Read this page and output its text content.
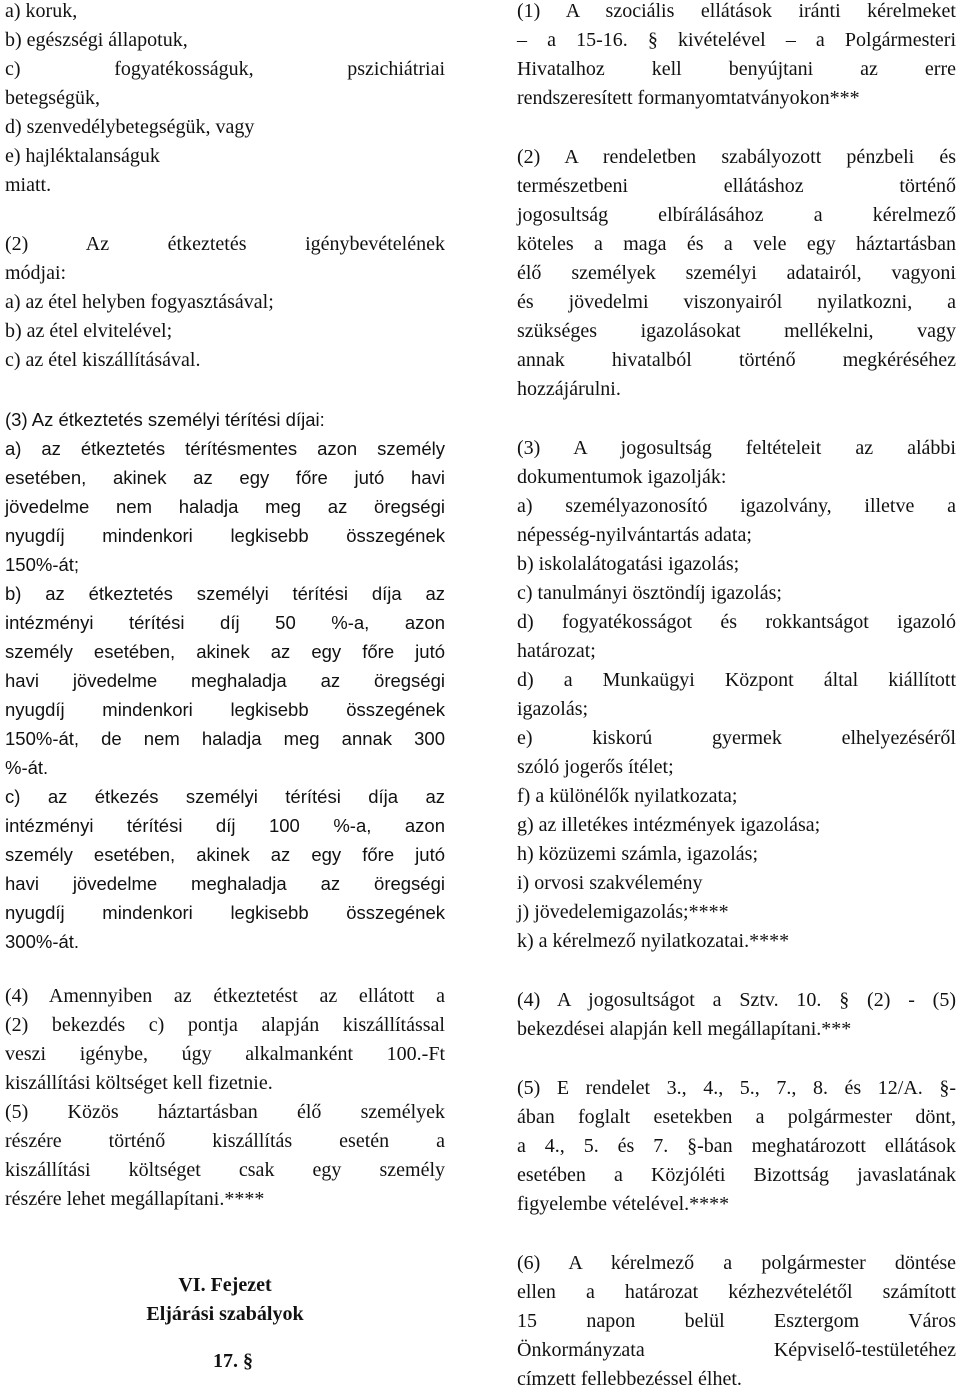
a) koruk,
b) egészségi állapotuk,
c) fogyatékosságuk, pszichiátriai
betegségük,
d) szenvedélybetegségük, vagy
e) hajléktalanságuk
miatt.
(2) Az étkeztetés igénybevételének
módjai:
a) az étel helyben fogyasztásával;
b) az étel elvitelével;
c) az étel kiszállításával.
(3) Az étkeztetés személyi térítési díjai:
a) az étkeztetés térítésmentes azon személy
esetében, akinek az egy főre jutó havi
jövedelme nem haladja meg az öregségi
nyugdíj mindenkori legkisebb összegének
150%-át;
b) az étkeztetés személyi térítési díja az
intézményi térítési díj 50 %-a, azon
személy esetében, akinek az egy főre jutó
havi jövedelme meghaladja az öregségi
nyugdíj mindenkori legkisebb összegének
150%-át, de nem haladja meg annak 300
%-át.
c) az étkezés személyi térítési díja az
intézményi térítési díj 100 %-a, azon
személy esetében, akinek az egy főre jutó
havi jövedelme meghaladja az öregségi
nyugdíj mindenkori legkisebb összegének
300%-át.
(4) Amennyiben az étkeztetést az ellátott a
(2) bekezdés c) pontja alapján kiszállítással
veszi igénybe, úgy alkalmanként 100.-Ft
kiszállítási költséget kell fizetnie.
(5) Közös háztartásban élő személyek
részére történő kiszállítás esetén a
kiszállítási költséget csak egy személy
részére lehet megállapítani.****
VI. Fejezet
Eljárási szabályok
17. §
(1) A szociális ellátások iránti kérelmeket
– a 15-16. § kivételével – a Polgármesteri
Hivatalhoz kell benyújtani az erre
rendszeresített formanyomtatványokon***
(2) A rendeletben szabályozott pénzbeli és
természetbeni ellátáshoz történő
jogosultság elbírálásához a kérelmező
köteles a maga és a vele egy háztartásban
élő személyek személyi adatairól, vagyoni
és jövedelmi viszonyairól nyilatkozni, a
szükséges igazolásokat mellékelni, vagy
annak hivatalból történő megkéréséhez
hozzájárulni.
(3) A jogosultság feltételeit az alábbi
dokumentumok igazolják:
a) személyazonosító igazolvány, illetve a
népesség-nyilvántartás adata;
b) iskolalátogatási igazolás;
c) tanulmányi ösztöndíj igazolás;
d) fogyatékosságot és rokkantságot igazoló
határozat;
d) a Munkaügyi Központ által kiállított
igazolás;
e) kiskorú gyermek elhelyezéséről
szóló jogerős ítélet;
f) a különélők nyilatkozata;
g) az illetékes intézmények igazolása;
h) közüzemi számla, igazolás;
i) orvosi szakvélemény
j) jövedelemigazolás;****
k) a kérelmező nyilatkozatai.****
(4) A jogosultságot a Sztv. 10. § (2) - (5)
bekezdései alapján kell megállapítani.***
(5) E rendelet 3., 4., 5., 7., 8. és 12/A. §-
ában foglalt esetekben a polgármester dönt,
a 4., 5. és 7. §-ban meghatározott ellátások
esetében a Közjóléti Bizottság javaslatának
figyelembe vételével.****
(6) A kérelmező a polgármester döntése
ellen a határozat kézhezvételétől számított
15 napon belül Esztergom Város
Önkormányzata Képviselő-testületéhez
címzett fellebbezéssel élhet.
